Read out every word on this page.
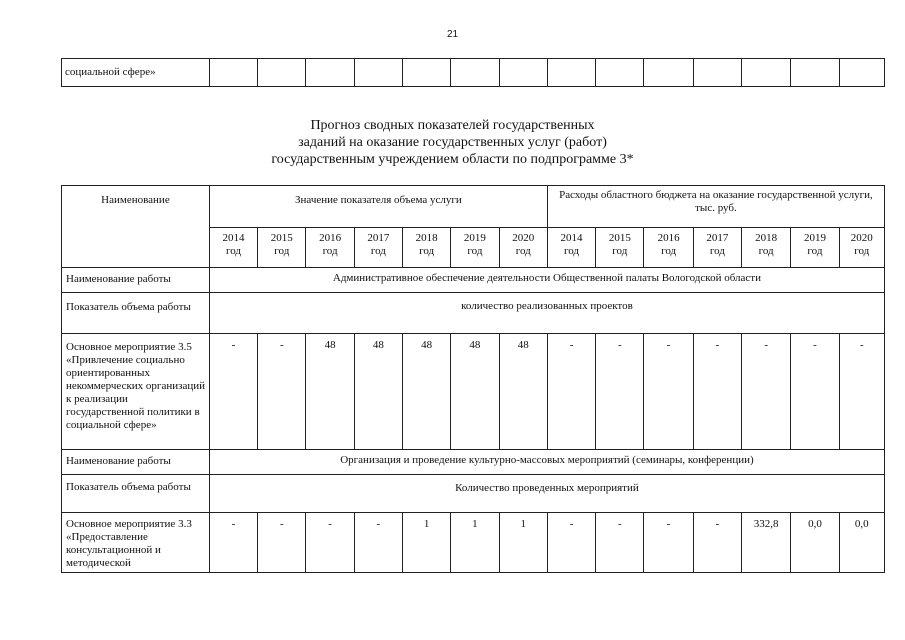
21
социальной сфере»														
Прогноз сводных показателей государственных
заданий на оказание государственных услуг (работ)
государственным учреждением области по подпрограмме 3*
Наименование	Значение показателя объема услуги							Расходы областного бюджета на оказание государственной услуги, тыс. руб.						
	2014
год	2015
год	2016
год	2017
год	2018
год	2019
год	2020
год	2014
год	2015
год	2016
год	2017
год	2018
год	2019
год	2020
год
Наименование работы	Административное обеспечение деятельности Общественной палаты Вологодской области													
Показатель объема работы	количество реализованных проектов													
Основное мероприятие 3.5 «Привлечение социально ориентированных некоммерческих организаций к реализации государственной политики в социальной сфере»	-	-	48	48	48	48	48	-	-	-	-	-	-	-
Наименование работы	Организация и проведение культурно-массовых мероприятий (семинары, конференции)													
Показатель объема работы	Количество проведенных мероприятий													
Основное мероприятие 3.3 «Предоставление консультационной и методической	-	-	-	-	1	1	1	-	-	-	-	332,8	0,0	0,0
